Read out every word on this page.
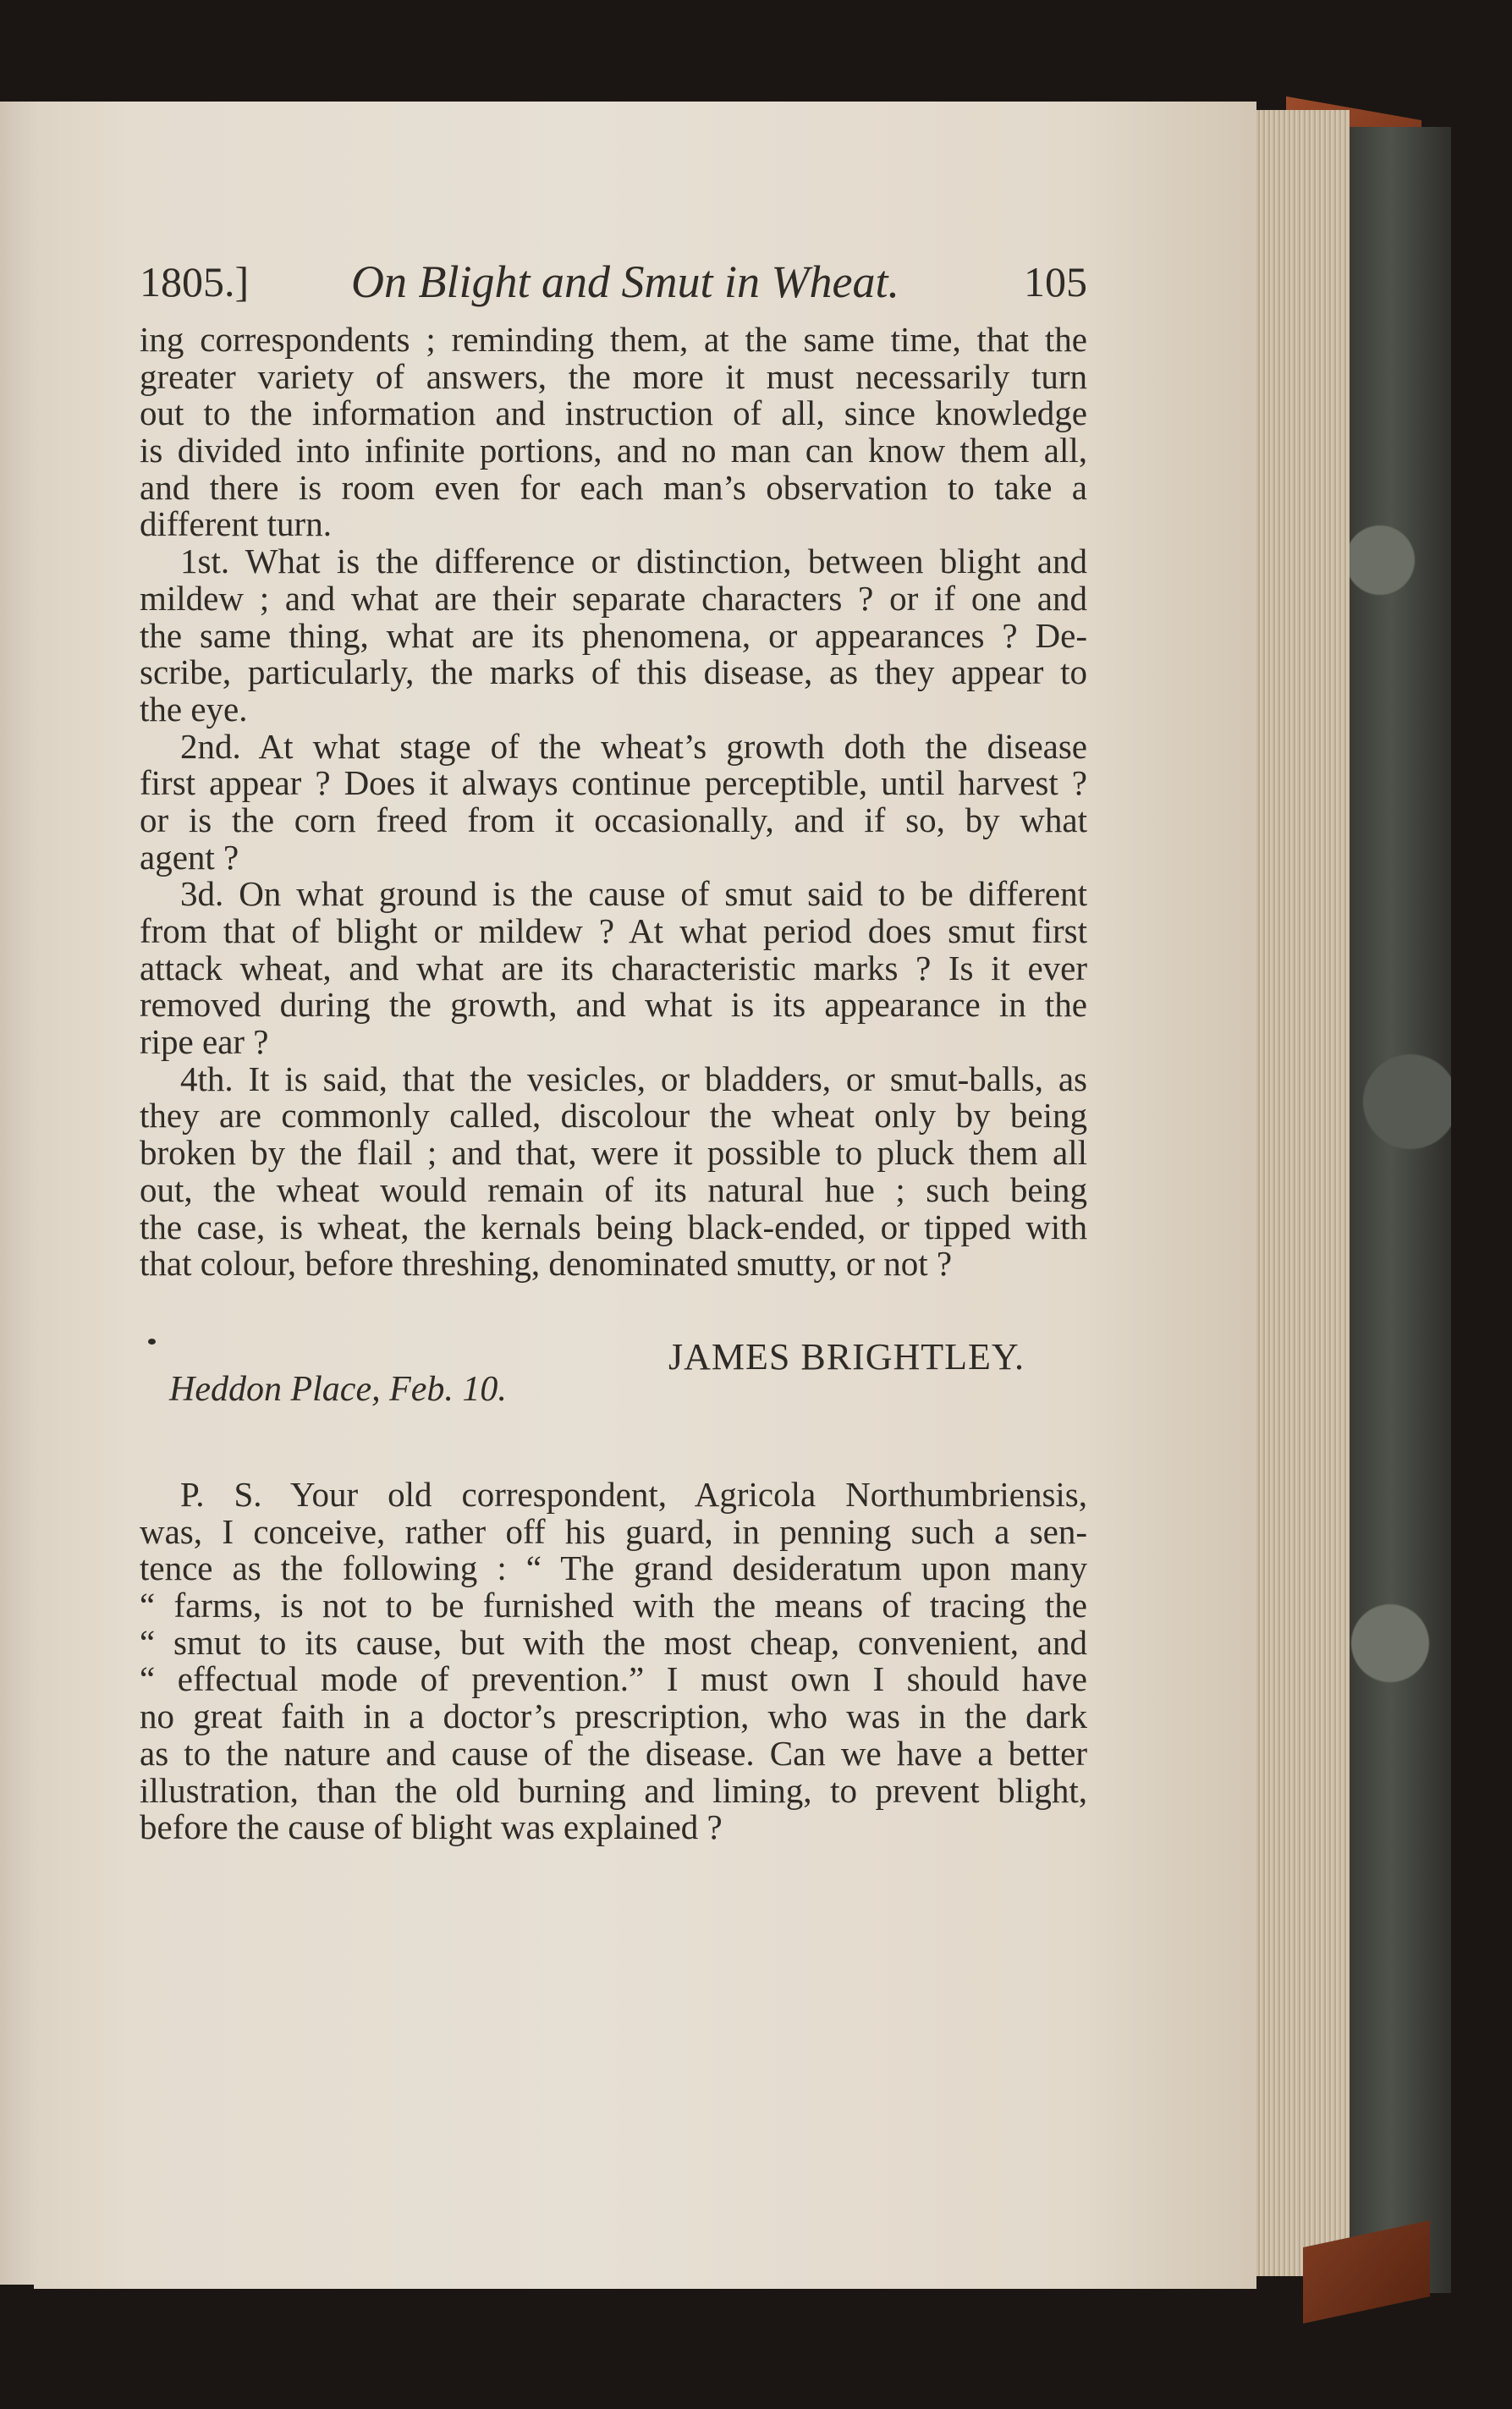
1805.] On Blight and Smut in Wheat.	105
ing correspondents ; reminding them, at the same time, that the
greater variety of answers, the more it must necessarily turn
out to the information and instruction of all, since knowledge
is divided into infinite portions, and no man can know them all,
and there is room even for each man’s observation to take a
different turn.
1st. What is the difference or distinction, between blight and
mildew ; and what are their separate characters ? or if one and
the same thing, what are its phenomena, or appearances ? De-
scribe, particularly, the marks of this disease, as they appear to
the eye.
2nd. At what stage of the wheat’s growth doth the disease
first appear ? Does it always continue perceptible, until harvest ?
or is the corn freed from it occasionally, and if so, by what
agent ?
3d. On what ground is the cause of smut said to be different
from that of blight or mildew ? At what period does smut first
attack wheat, and what are its characteristic marks ? Is it ever
removed during the growth, and what is its appearance in the
ripe ear ?
4th. It is said, that the vesicles, or bladders, or smut-balls, as
they are commonly called, discolour the wheat only by being
broken by the flail ; and that, were it possible to pluck them all
out, the wheat would remain of its natural hue ; such being
the case, is wheat, the kernals being black-ended, or tipped with
that colour, before threshing, denominated smutty, or not ?
JAMES BRIGHTLEY.
Heddon Place, Feb. 10.
P. S. Your old correspondent, Agricola Northumbriensis,
was, I conceive, rather off his guard, in penning such a sen-
tence as the following : “ The grand desideratum upon many
“ farms, is not to be furnished with the means of tracing the
“ smut to its cause, but with the most cheap, convenient, and
“ effectual mode of prevention.” I must own I should have
no great faith in a doctor’s prescription, who was in the dark
as to the nature and cause of the disease. Can we have a better
illustration, than the old burning and liming, to prevent blight,
before the cause of blight was explained ?
